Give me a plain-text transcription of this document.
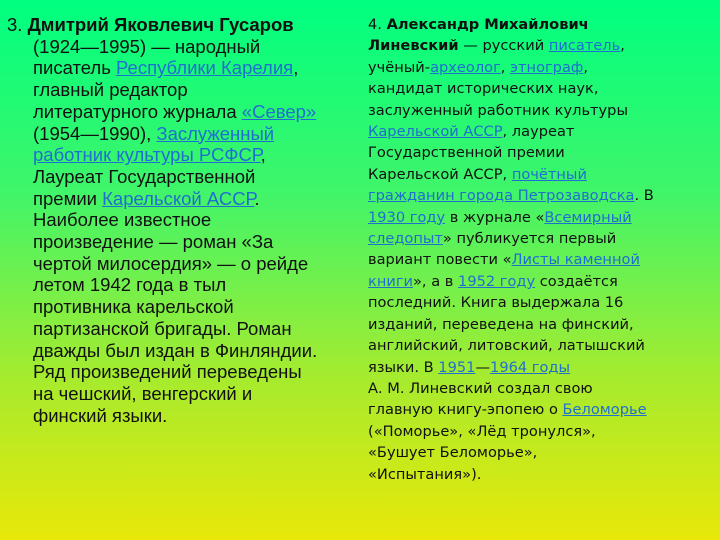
3. Дмитрий Яковлевич Гусаров
(1924—1995) — народный
писатель Республики Карелия,
главный редактор
литературного журнала «Север»
(1954—1990), Заслуженный
работник культуры РСФСР,
Лауреат Государственной
премии Карельской АССР.
Наиболее известное
произведение — роман «За
чертой милосердия» — о рейде
летом 1942 года в тыл
противника карельской
партизанской бригады. Роман
дважды был издан в Финляндии.
Ряд произведений переведены
на чешский, венгерский и
финский языки.
4. Александр Михайлович
Линевский — русский писатель,
учёный-археолог, этнограф,
кандидат исторических наук,
заслуженный работник культуры
Карельской АССР, лауреат
Государственной премии
Карельской АССР, почётный
гражданин города Петрозаводска. В
1930 году в журнале «Всемирный
следопыт» публикуется первый
вариант повести «Листы каменной
книги», а в 1952 году создаётся
последний. Книга выдержала 16
изданий, переведена на финский,
английский, литовский, латышский
языки. В 1951—1964 годы
А. М. Линевский создал свою
главную книгу-эпопею о Беломорье
(«Поморье», «Лёд тронулся»,
«Бушует Беломорье»,
«Испытания»).
